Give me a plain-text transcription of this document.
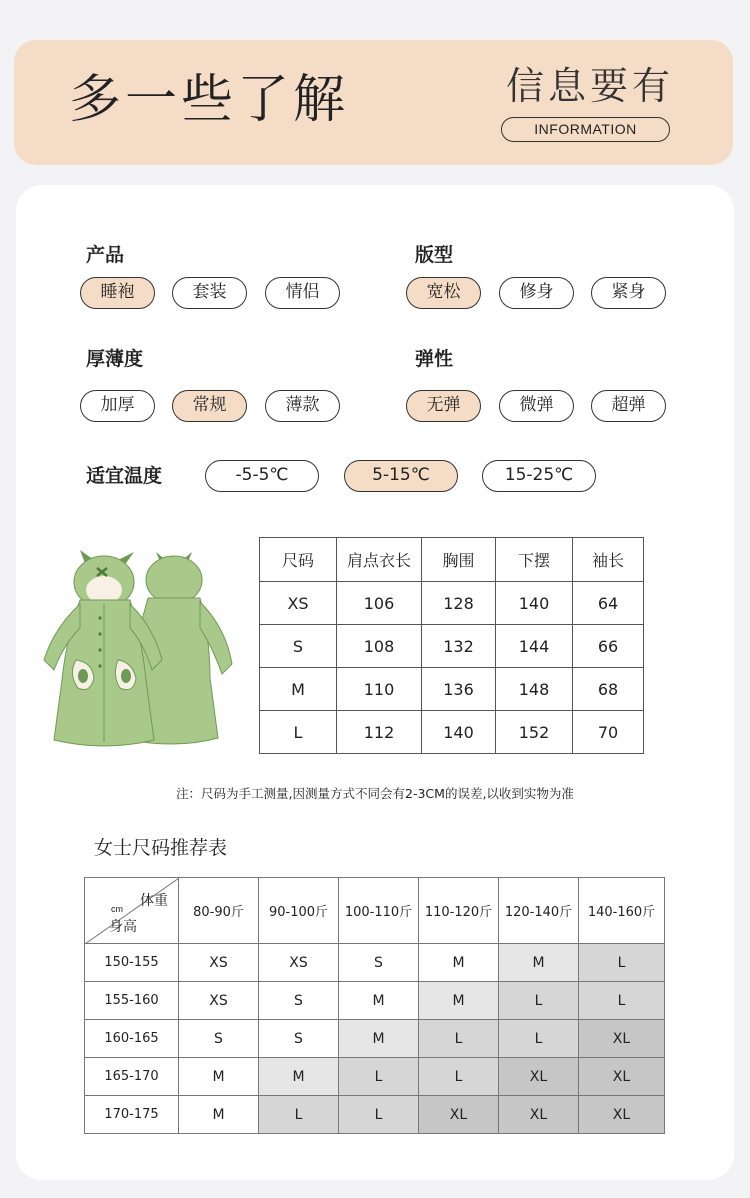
多一些了解	信息要有
INFORMATION
产品
睡袍	套装	情侣
版型
宽松	修身	紧身
厚薄度
加厚	常规	薄款
弹性
无弹	微弹	超弹
适宜温度	-5-5℃	5-15℃	15-25℃
尺码	肩点衣长	胸围	下摆	袖长
XS	106	128	140	64
S	108	132	144	66
M	110	136	148	68
L	112	140	152	70
注：尺码为手工测量,因测量方式不同会有2-3CM的误差,以收到实物为准
女士尺码推荐表
体重
cm
身高	80-90斤	90-100斤	100-110斤	110-120斤	120-140斤	140-160斤
150-155	XS	XS	S	M	M	L
155-160	XS	S	M	M	L	L
160-165	S	S	M	L	L	XL
165-170	M	M	L	L	XL	XL
170-175	M	L	L	XL	XL	XL
